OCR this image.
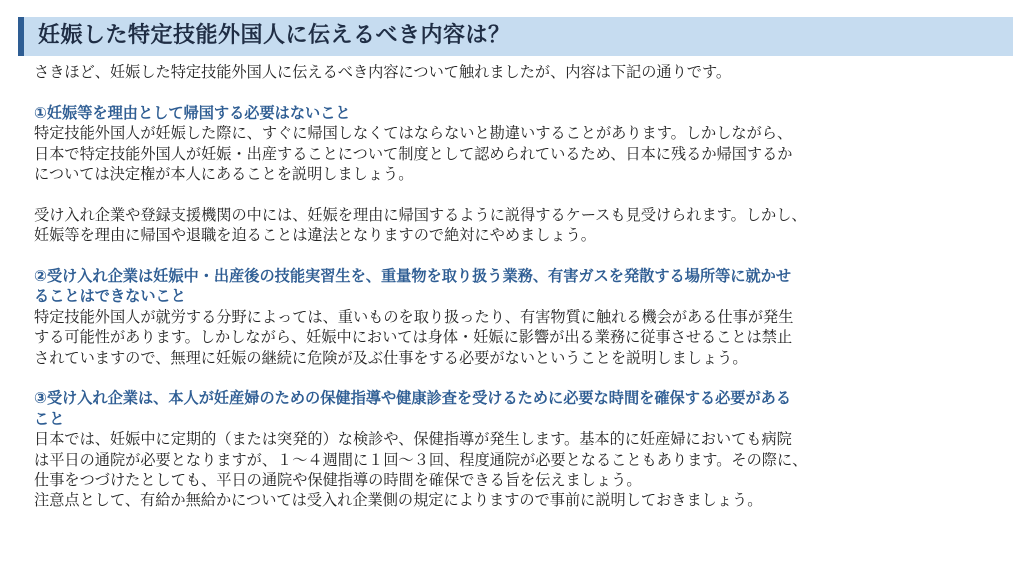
妊娠した特定技能外国人に伝えるべき内容は？
さきほど、妊娠した特定技能外国人に伝えるべき内容について触れましたが、内容は下記の通りです。
①妊娠等を理由として帰国する必要はないこと
特定技能外国人が妊娠した際に、すぐに帰国しなくてはならないと勘違いすることがあります。しかしながら、
日本で特定技能外国人が妊娠・出産することについて制度として認められているため、日本に残るか帰国するか
については決定権が本人にあることを説明しましょう。
受け入れ企業や登録支援機関の中には、妊娠を理由に帰国するように説得するケースも見受けられます。しかし、
妊娠等を理由に帰国や退職を迫ることは違法となりますので絶対にやめましょう。
②受け入れ企業は妊娠中・出産後の技能実習生を、重量物を取り扱う業務、有害ガスを発散する場所等に就かせ
ることはできないこと
特定技能外国人が就労する分野によっては、重いものを取り扱ったり、有害物質に触れる機会がある仕事が発生
する可能性があります。しかしながら、妊娠中においては身体・妊娠に影響が出る業務に従事させることは禁止
されていますので、無理に妊娠の継続に危険が及ぶ仕事をする必要がないということを説明しましょう。
③受け入れ企業は、本人が妊産婦のための保健指導や健康診査を受けるために必要な時間を確保する必要がある
こと
日本では、妊娠中に定期的（または突発的）な検診や、保健指導が発生します。基本的に妊産婦においても病院
は平日の通院が必要となりますが、１～４週間に１回～３回、程度通院が必要となることもあります。その際に、
仕事をつづけたとしても、平日の通院や保健指導の時間を確保できる旨を伝えましょう。
注意点として、有給か無給かについては受入れ企業側の規定によりますので事前に説明しておきましょう。
